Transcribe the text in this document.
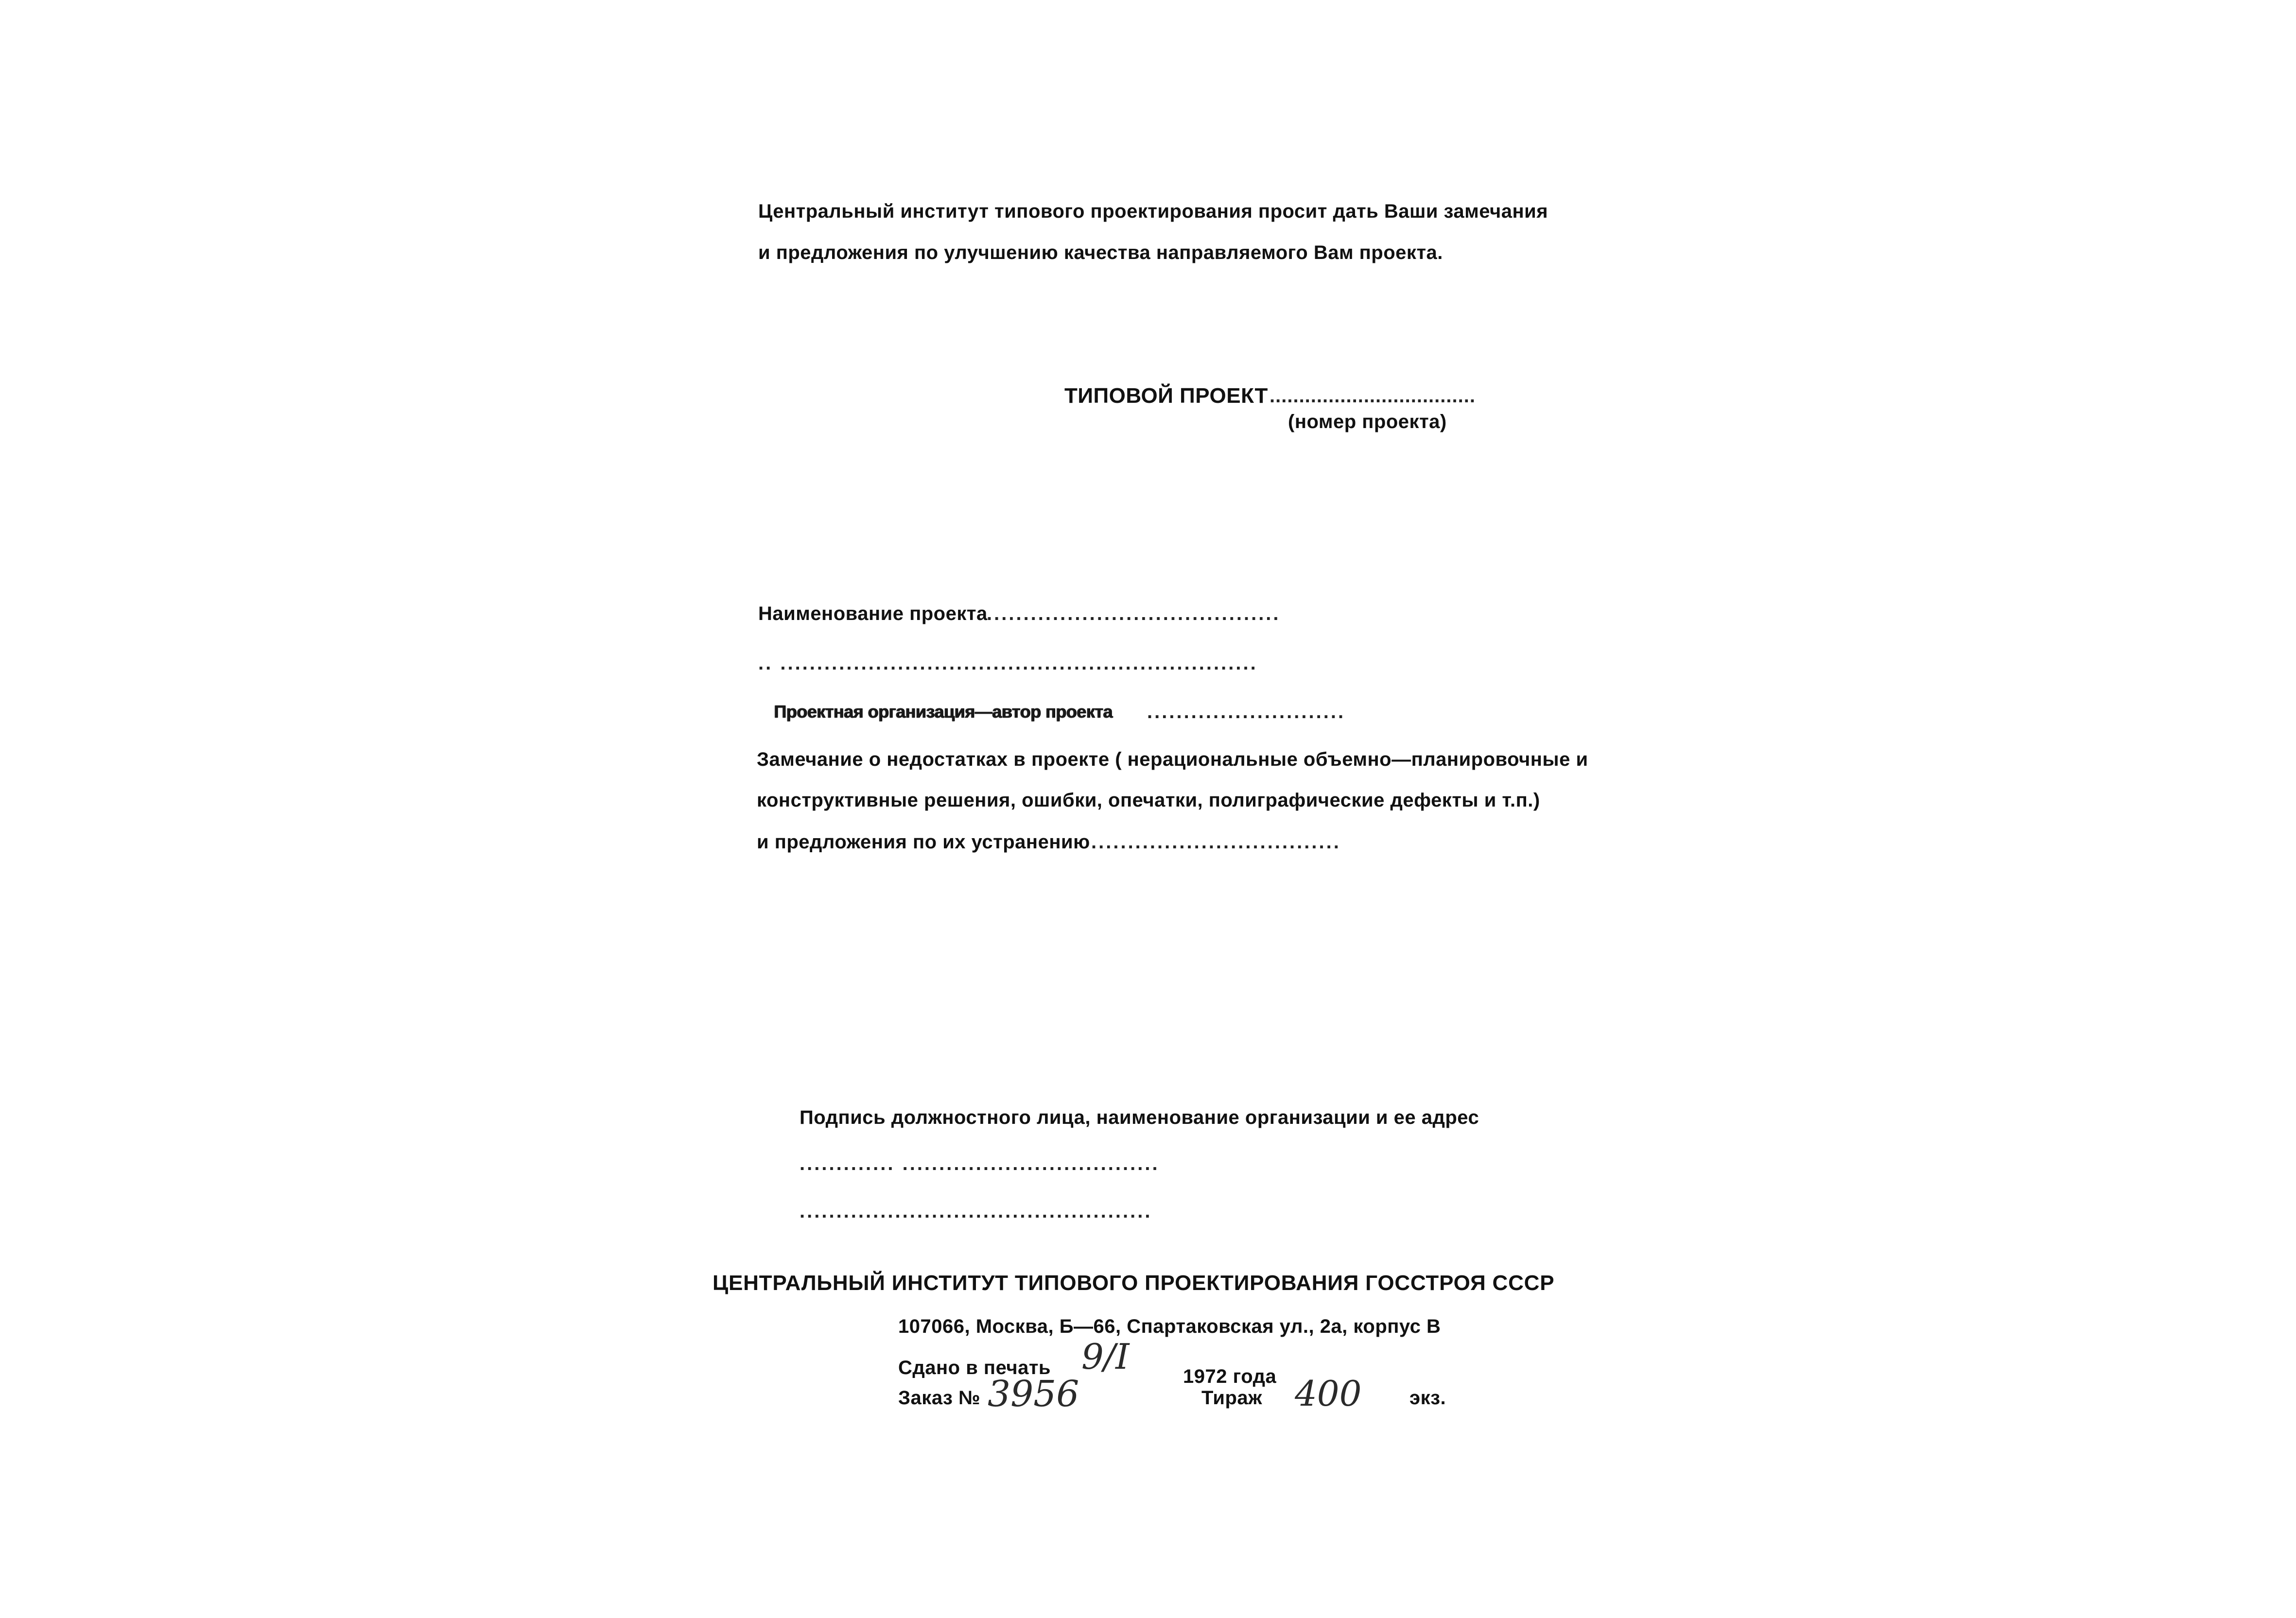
Центральный институт типового проектирования просит дать Ваши замечания
и предложения по улучшению качества направляемого Вам проекта.
ТИПОВОЙ ПРОЕКТ ...................................
(номер проекта)
Наименование проекта
........................................
.. .................................................................
Проектная организация—автор проекта ...........................
Замечание о недостатках в проекте ( нерациональные объемно—планировочные и
конструктивные решения, ошибки, опечатки, полиграфические дефекты и т.п.)
и предложения по их устранению ..................................
Подпись должностного лица, наименование организации и ее адрес
............. ...................................
................................................
ЦЕНТРАЛЬНЫЙ ИНСТИТУТ ТИПОВОГО ПРОЕКТИРОВАНИЯ ГОССТРОЯ СССР
107066, Москва, Б—66, Спартаковская ул., 2а, корпус В
Сдано в печать 9/I	1972 года
Заказ № 3956	Тираж 400 экз.
